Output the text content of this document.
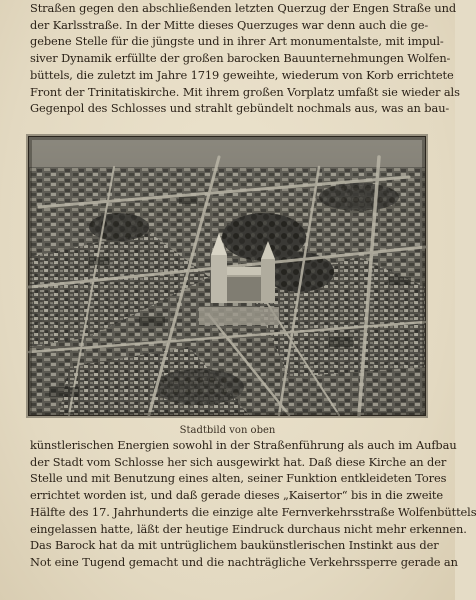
Straßen gegen den abschließenden letzten Querzug der Engen Straße und
der Karlsstraße. In der Mitte dieses Querzuges war denn auch die ge-
gebene Stelle für die jüngste und in ihrer Art monumentalste, mit impul-
siver Dynamik erfüllte der großen barocken Bauunternehmungen Wolfen-
büttels, die zuletzt im Jahre 1719 geweihte, wiederum von Korb errichtete
Front der Trinitatiskirche. Mit ihrem großen Vorplatz umfaßt sie wieder als
Gegenpol des Schlosses und strahlt gebündelt nochmals aus, was an bau-
Stadtbild von oben
künstlerischen Energien sowohl in der Straßenführung als auch im Aufbau
der Stadt vom Schlosse her sich ausgewirkt hat. Daß diese Kirche an der
Stelle und mit Benutzung eines alten, seiner Funktion entkleideten Tores
errichtet worden ist, und daß gerade dieses „Kaisertor“ bis in die zweite
Hälfte des 17. Jahrhunderts die einzige alte Fernverkehrsstraße Wolfenbüttels
eingelassen hatte, läßt der heutige Eindruck durchaus nicht mehr erkennen.
Das Barock hat da mit untrüglichem baukünstlerischen Instinkt aus der
Not eine Tugend gemacht und die nachträgliche Verkehrssperre gerade an
